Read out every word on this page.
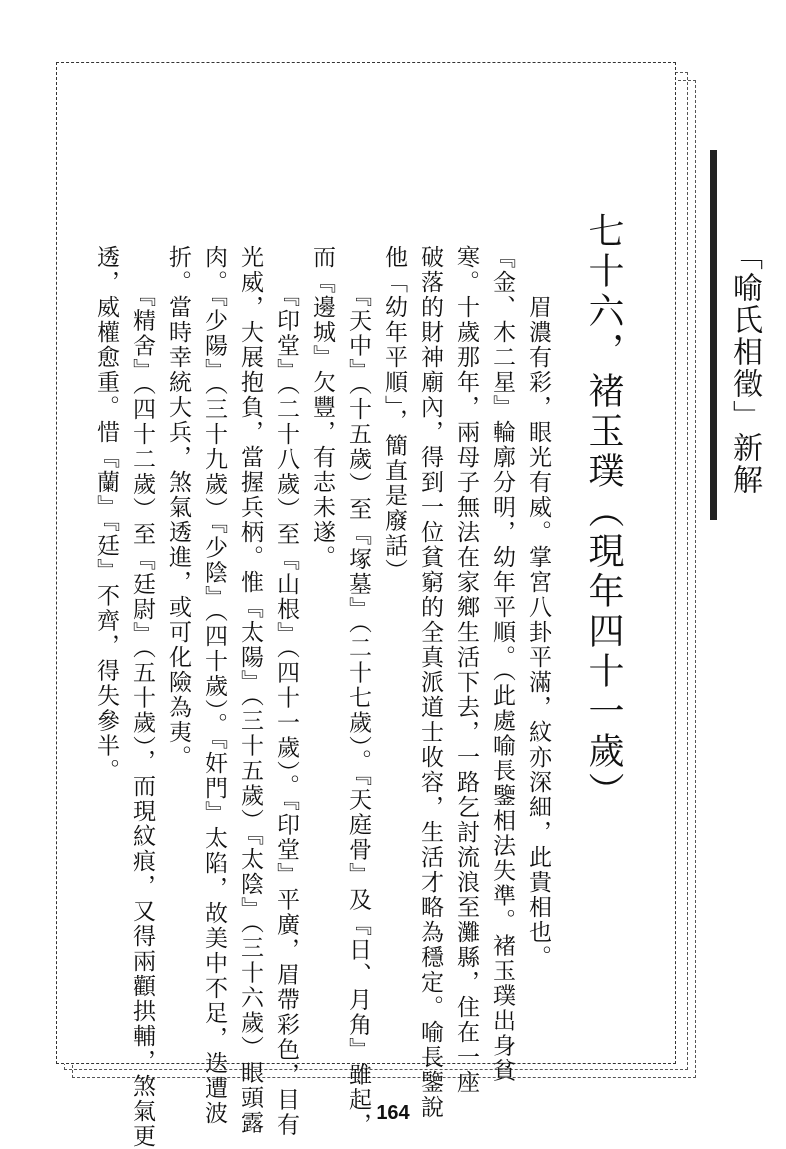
「喻氏相徵」新解
七十六，褚玉璞（現年四十一歲）
　　眉濃有彩，眼光有威。掌宮八卦平滿，紋亦深細，此貴相也。
『金、木二星』輪廓分明，幼年平順。（此處喻長鑒相法失準。褚玉璞出身貧
寒。十歲那年，兩母子無法在家鄉生活下去，一路乞討流浪至灘縣，住在一座
破落的財神廟內，得到一位貧窮的全真派道士收容，生活才略為穩定。喻長鑒說
他「幼年平順」，簡直是廢話）
　　『天中』（十五歲）至『塚墓』（二十七歲）。『天庭骨』及『日、月角』雖起，
而『邊城』欠豐，有志未遂。
　　『印堂』（二十八歲）至『山根』（四十一歲）。『印堂』平廣，眉帶彩色，目有
光威，大展抱負，當握兵柄。惟『太陽』（三十五歲）『太陰』（三十六歲）眼頭露
肉。『少陽』（三十九歲）『少陰』（四十歲）。『奸門』太陷，故美中不足，迭遭波
折。當時幸統大兵，煞氣透進，或可化險為夷。
　　『精舍』（四十二歲）至『廷尉』（五十歲），而現紋痕，又得兩顴拱輔，煞氣更
透，威權愈重。惜『蘭』『廷』不齊，得失參半。
164
